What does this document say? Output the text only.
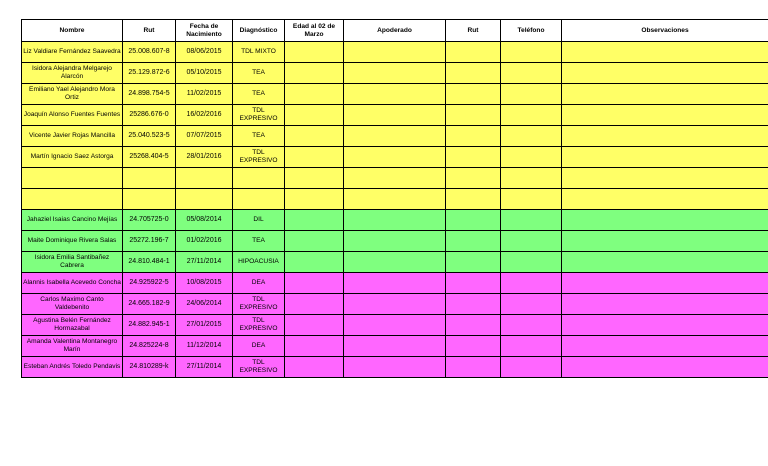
Nombre	Rut	Fecha de Nacimiento	Diagnóstico	Edad al 02 de Marzo	Apoderado	Rut	Teléfono	Observaciones
Liz Valdiare Fernández Saavedra	25.008.607-8	08/06/2015	TDL MIXTO					
Isidora Alejandra Melgarejo Alarcón	25.129.872-6	05/10/2015	TEA					
Emiliano Yael Alejandro Mora Ortiz	24.898.754-5	11/02/2015	TEA					
Joaquín Alonso Fuentes Fuentes	25286.676-0	16/02/2016	TDL EXPRESIVO					
Vicente Javier Rojas Mancilla	25.040.523-5	07/07/2015	TEA					
Martín Ignacio Saez Astorga	25268.404-5	28/01/2016	TDL EXPRESIVO					

Jahaziel Isaias Cancino Mejías	24.705725-0	05/08/2014	DIL					
Maite Dominique Rivera Salas	25272.196-7	01/02/2016	TEA					
Isidora Emilia Santibañez Cabrera	24.810.484-1	27/11/2014	HIPOACUSIA					
Alannis Isabella Acevedo Concha	24.925922-5	10/08/2015	DEA					
Carlos Maximo Canto Valdebenito	24.665.182-9	24/06/2014	TDL EXPRESIVO					
Agustina Belén Fernández Hormazabal	24.882.945-1	27/01/2015	TDL EXPRESIVO					
Amanda Valentina Montanegro Marín	24.825224-8	11/12/2014	DEA					
Esteban Andrés Toledo Pendavis	24.810289-k	27/11/2014	TDL EXPRESIVO					
